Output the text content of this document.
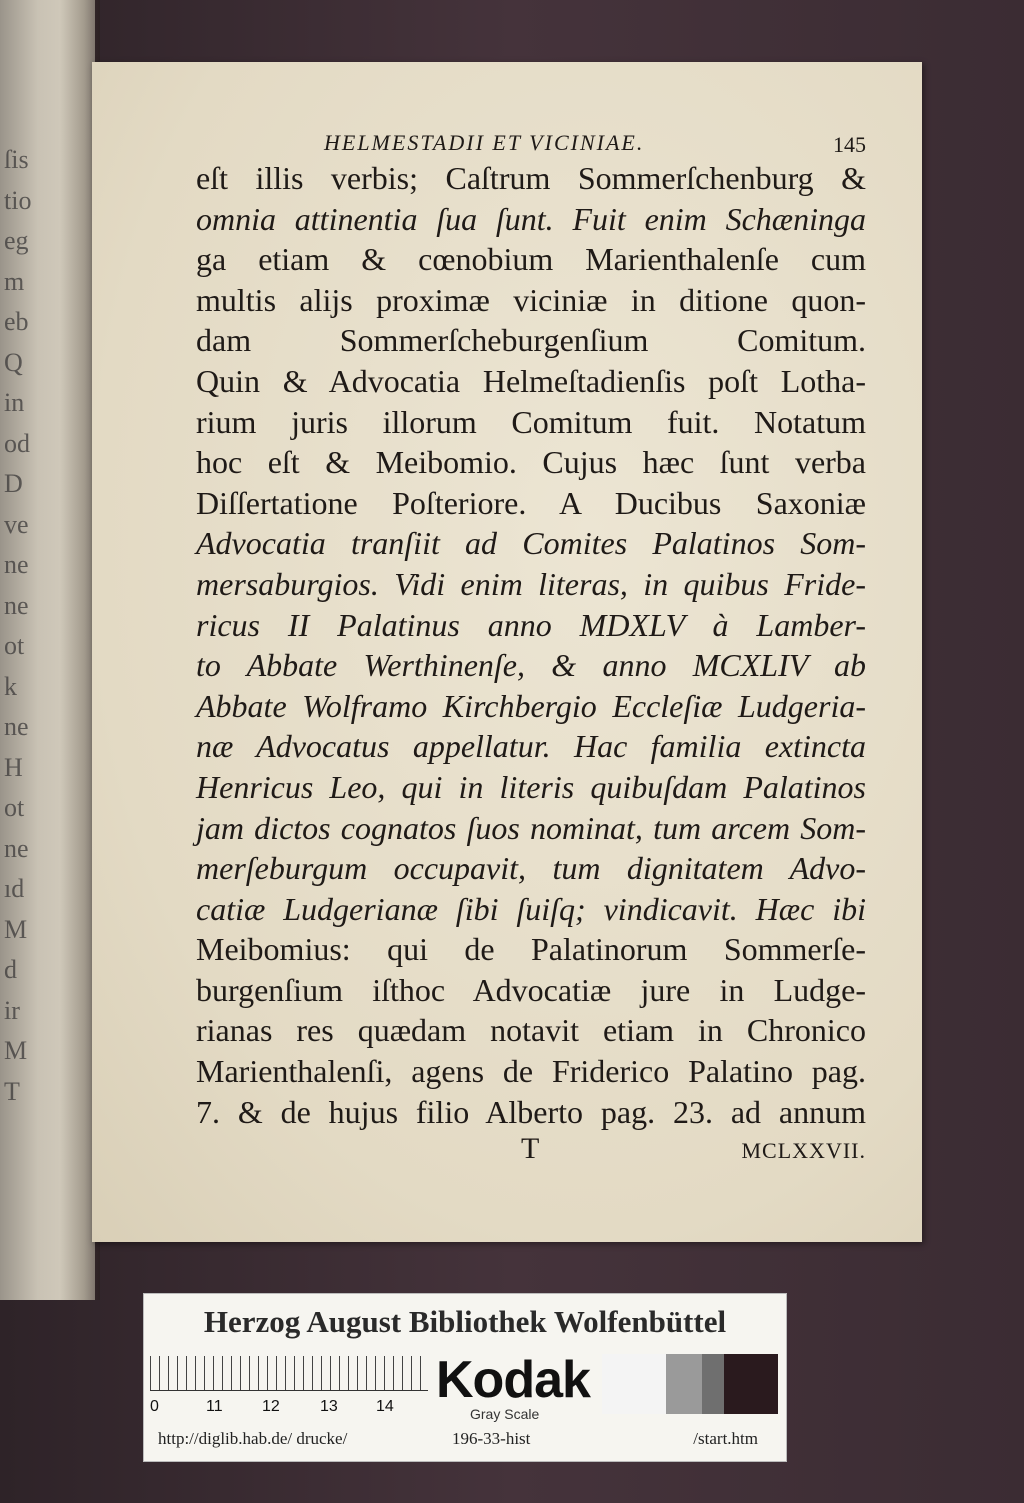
ſis
tio
eg
m
eb
Q
in
od
D
ve
ne
ne
ot
k
ne
H
ot
ne
ıd
M
d
ir
M
T
HELMESTADII ET VICINIAE.	145
eſt illis verbis; Caſtrum Sommerſchenburg &
omnia attinentia ſua ſunt. Fuit enim Schæninga
ga etiam & cœnobium Marienthalenſe cum
multis alijs proximæ viciniæ in ditione quon-
dam Sommerſcheburgenſium Comitum.
Quin & Advocatia Helmeſtadienſis poſt Lotha-
rium juris illorum Comitum fuit. Notatum
hoc eſt & Meibomio. Cujus hæc ſunt verba
Diſſertatione Poſteriore. A Ducibus Saxoniæ
Advocatia tranſiit ad Comites Palatinos Som-
mersaburgios. Vidi enim literas, in quibus Fride-
ricus II Palatinus anno MDXLV à Lamber-
to Abbate Werthinenſe, & anno MCXLIV ab
Abbate Wolframo Kirchbergio Eccleſiæ Ludgeria-
næ Advocatus appellatur. Hac familia extincta
Henricus Leo, qui in literis quibuſdam Palatinos
jam dictos cognatos ſuos nominat, tum arcem Som-
merſeburgum occupavit, tum dignitatem Advo-
catiæ Ludgerianæ ſibi ſuiſq; vindicavit. Hæc ibi
Meibomius: qui de Palatinorum Sommerſe-
burgenſium iſthoc Advocatiæ jure in Ludge-
rianas res quædam notavit etiam in Chronico
Marienthalenſi, agens de Friderico Palatino pag.
7. & de hujus filio Alberto pag. 23. ad annum
T	MCLXXVII.
Herzog August Bibliothek Wolfenbüttel
0	11 12	13 14 Kodak
Gray Scale
http://diglib.hab.de/ drucke/	196-33-hist	/start.htm
